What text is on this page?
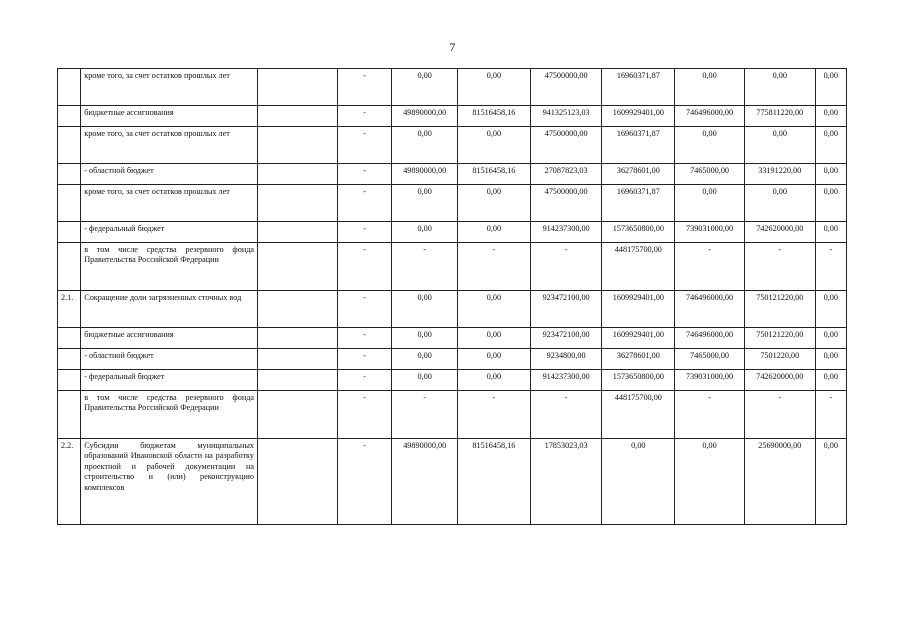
7
	кроме того, за счет остатков прошлых лет		-	0,00	0,00	47500000,00	16960371,87	0,00	0,00	0,00
	бюджетные ассигнования		-	49890000,00	81516458,16	941325123,03	1609929401,00	746496000,00	775811220,00	0,00
	кроме того, за счет остатков прошлых лет		-	0,00	0,00	47500000,00	16960371,87	0,00	0,00	0,00
	- областной бюджет		-	49890000,00	81516458,16	27087823,03	36278601,00	7465000,00	33191220,00	0,00
	кроме того, за счет остатков прошлых лет		-	0,00	0,00	47500000,00	16960371,87	0,00	0,00	0,00
	- федеральный бюджет		-	0,00	0,00	914237300,00	1573650800,00	739031000,00	742620000,00	0,00
	в том числе средства резервного фонда Правительства Российской Федерации		-	-	-	-	448175700,00	-	-	-
2.1.	Сокращение доли загрязненных сточных вод		-	0,00	0,00	923472100,00	1609929401,00	746496000,00	750121220,00	0,00
	бюджетные ассигнования		-	0,00	0,00	923472100,00	1609929401,00	746496000,00	750121220,00	0,00
	- областной бюджет		-	0,00	0,00	9234800,00	36278601,00	7465000,00	7501220,00	0,00
	- федеральный бюджет		-	0,00	0,00	914237300,00	1573650800,00	739031000,00	742620000,00	0,00
	в том числе средства резервного фонда Правительства Российской Федерации		-	-	-	-	448175700,00	-	-	-
2.2.	Субсидии бюджетам муниципальных образований Ивановской области на разработку проектной и рабочей документации на строительство и (или) реконструкцию комплексов		-	49890000,00	81516458,16	17853023,03	0,00	0,00	25690000,00	0,00
